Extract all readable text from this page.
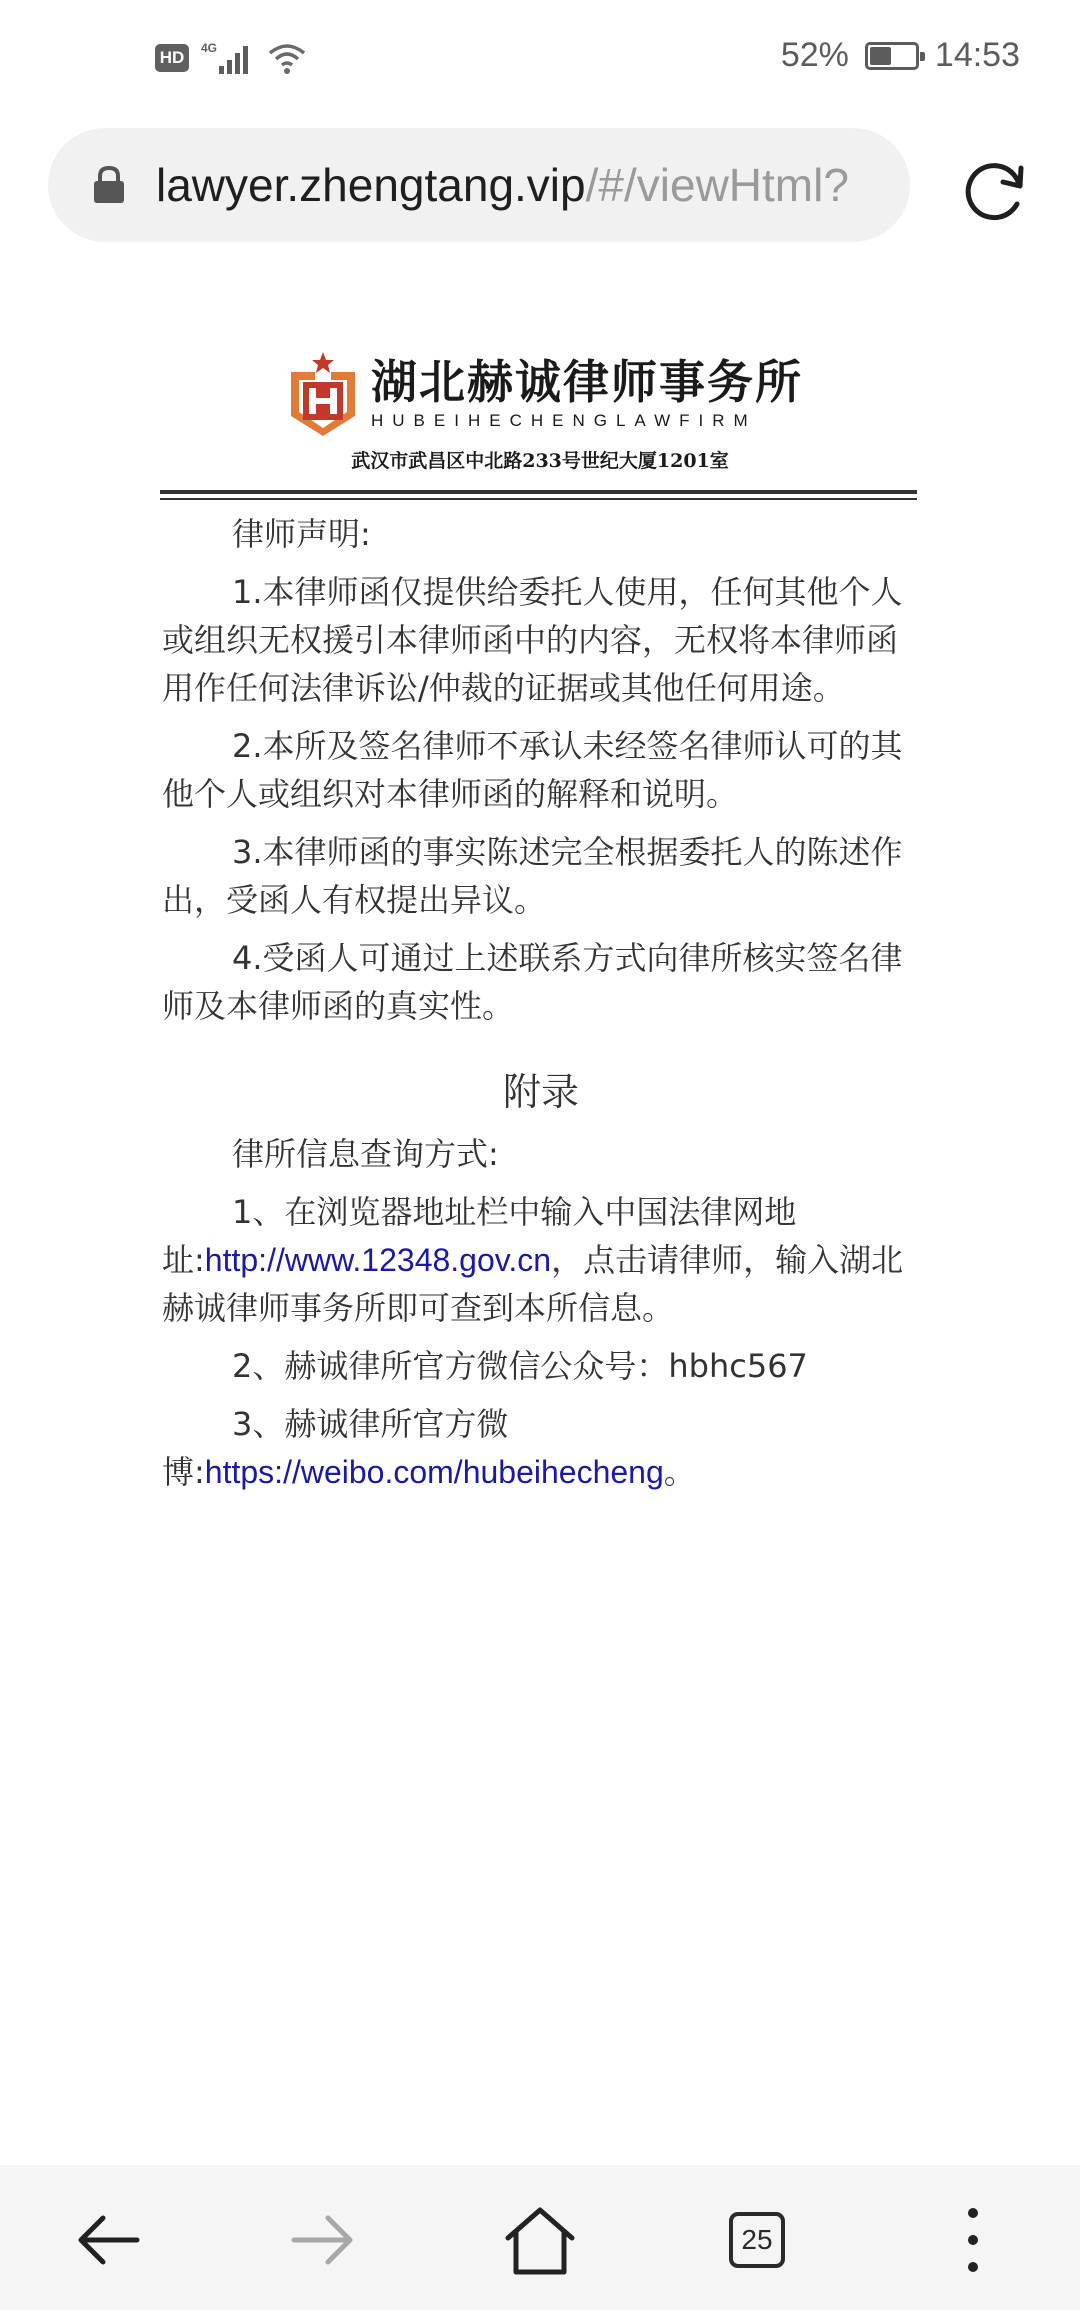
HD	4G	52%	14:53
lawyer.zhengtang.vip/#/viewHtml?
湖北赫诚律师事务所
HUBEIHECHENGLAWFIRM
武汉市武昌区中北路233号世纪大厦1201室

律师声明:

1.本律师函仅提供给委托人使用，任何其他个人或组织无权援引本律师函中的内容，无权将本律师函用作任何法律诉讼/仲裁的证据或其他任何用途。

2.本所及签名律师不承认未经签名律师认可的其他个人或组织对本律师函的解释和说明。

3.本律师函的事实陈述完全根据委托人的陈述作出，受函人有权提出异议。

4.受函人可通过上述联系方式向律所核实签名律师及本律师函的真实性。

附录

律所信息查询方式:

1、在浏览器地址栏中输入中国法律网地址:http://www.12348.gov.cn，点击请律师，输入湖北赫诚律师事务所即可查到本所信息。

2、赫诚律所官方微信公众号：hbhc567

3、赫诚律所官方微博:https://weibo.com/hubeihecheng。

25
